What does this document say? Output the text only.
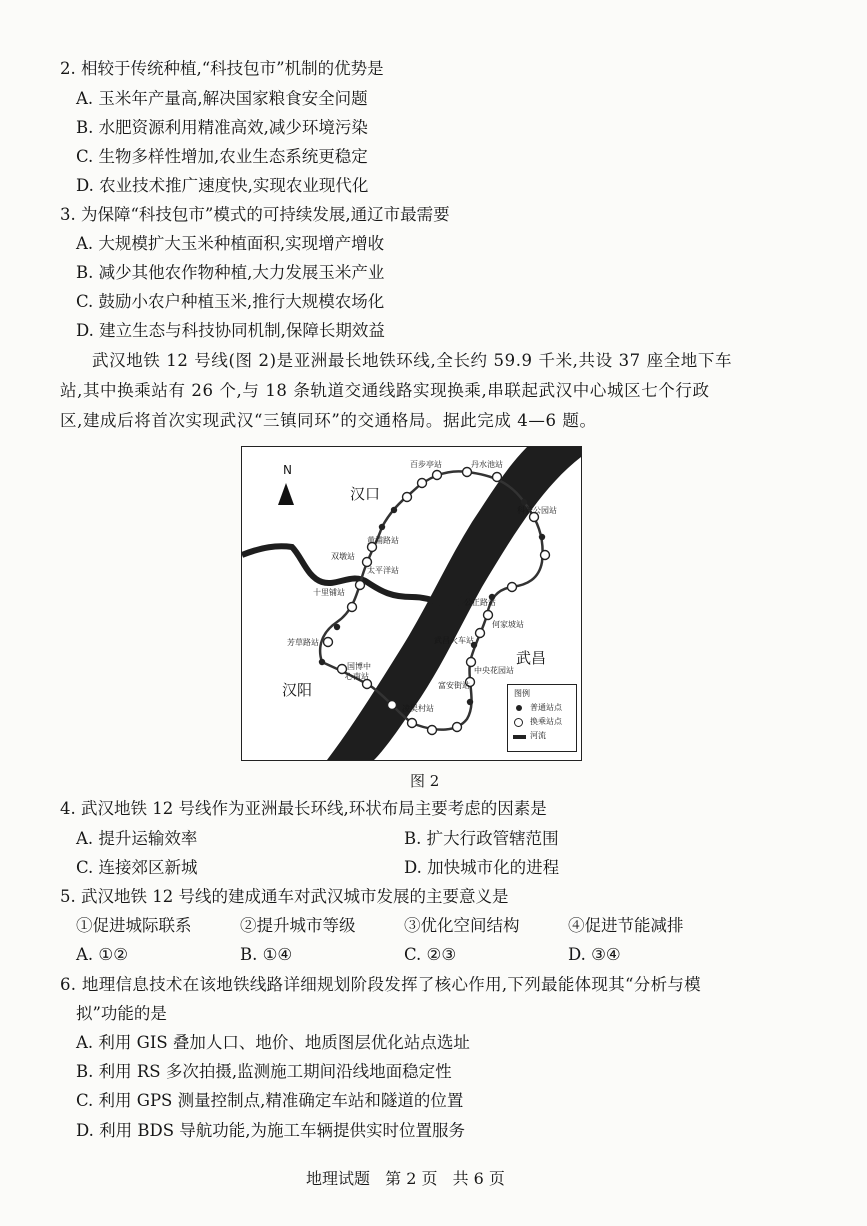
2. 相较于传统种植,“科技包市”机制的优势是
A. 玉米年产量高,解决国家粮食安全问题
B. 水肥资源利用精准高效,减少环境污染
C. 生物多样性增加,农业生态系统更稳定
D. 农业技术推广速度快,实现农业现代化
3. 为保障“科技包市”模式的可持续发展,通辽市最需要
A. 大规模扩大玉米种植面积,实现增产增收
B. 减少其他农作物种植,大力发展玉米产业
C. 鼓励小农户种植玉米,推行大规模农场化
D. 建立生态与科技协同机制,保障长期效益
武汉地铁 12 号线(图 2)是亚洲最长地铁环线,全长约 59.9 千米,共设 37 座全地下车
站,其中换乘站有 26 个,与 18 条轨道交通线路实现换乘,串联起武汉中心城区七个行政
区,建成后将首次实现武汉“三镇同环”的交通格局。据此完成 4—6 题。
N
汉口
武昌
汉阳
百步亭站	丹水池站
科普公园站
黄浦路站
双墩站
太平洋站
十里铺站
公正路站
何家坡站
武昌火车站
芳草路站
国博中
心南站
中央花园站
富安街站
凌吴村站
图例
普通站点
换乘站点
河流
图 2
4. 武汉地铁 12 号线作为亚洲最长环线,环状布局主要考虑的因素是
A. 提升运输效率	B. 扩大行政管辖范围
C. 连接郊区新城	D. 加快城市化的进程
5. 武汉地铁 12 号线的建成通车对武汉城市发展的主要意义是
①促进城际联系	②提升城市等级	③优化空间结构	④促进节能减排
A. ①②	B. ①④	C. ②③	D. ③④
6. 地理信息技术在该地铁线路详细规划阶段发挥了核心作用,下列最能体现其“分析与模
拟”功能的是
A. 利用 GIS 叠加人口、地价、地质图层优化站点选址
B. 利用 RS 多次拍摄,监测施工期间沿线地面稳定性
C. 利用 GPS 测量控制点,精准确定车站和隧道的位置
D. 利用 BDS 导航功能,为施工车辆提供实时位置服务
地理试题 第 2 页 共 6 页
